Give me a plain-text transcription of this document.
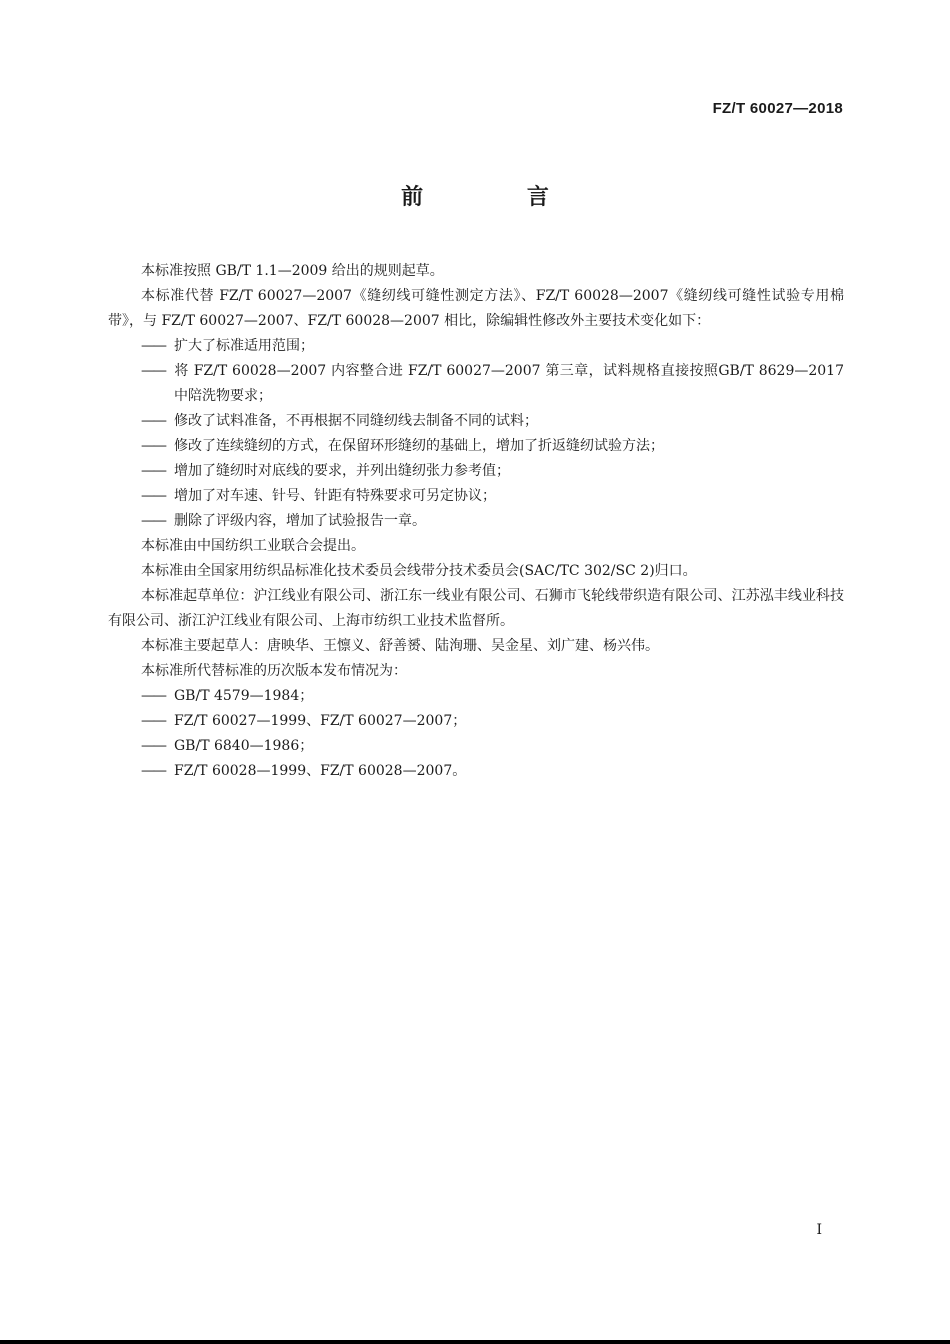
FZ/T 60027—2018
前 言

本标准按照 GB/T 1.1—2009 给出的规则起草。

本标准代替 FZ/T 60027—2007《缝纫线可缝性测定方法》、FZ/T 60028—2007《缝纫线可缝性试验专用棉带》，与 FZ/T 60027—2007、FZ/T 60028—2007 相比，除编辑性修改外主要技术变化如下：

—— 扩大了标准适用范围；

—— 将 FZ/T 60028—2007 内容整合进 FZ/T 60027—2007 第三章，试料规格直接按照GB/T 8629—2017 中陪洗物要求；

—— 修改了试料准备，不再根据不同缝纫线去制备不同的试料；

—— 修改了连续缝纫的方式，在保留环形缝纫的基础上，增加了折返缝纫试验方法；

—— 增加了缝纫时对底线的要求，并列出缝纫张力参考值；

—— 增加了对车速、针号、针距有特殊要求可另定协议；

—— 删除了评级内容，增加了试验报告一章。

本标准由中国纺织工业联合会提出。

本标准由全国家用纺织品标准化技术委员会线带分技术委员会(SAC/TC 302/SC 2)归口。

本标准起草单位：沪江线业有限公司、浙江东一线业有限公司、石狮市飞轮线带织造有限公司、江苏泓丰线业科技有限公司、浙江沪江线业有限公司、上海市纺织工业技术监督所。

本标准主要起草人：唐映华、王懔义、舒善赟、陆洵珊、吴金星、刘广建、杨兴伟。

本标准所代替标准的历次版本发布情况为：

—— GB/T 4579—1984；

—— FZ/T 60027—1999、FZ/T 60027—2007；

—— GB/T 6840—1986；

—— FZ/T 60028—1999、FZ/T 60028—2007。

I
